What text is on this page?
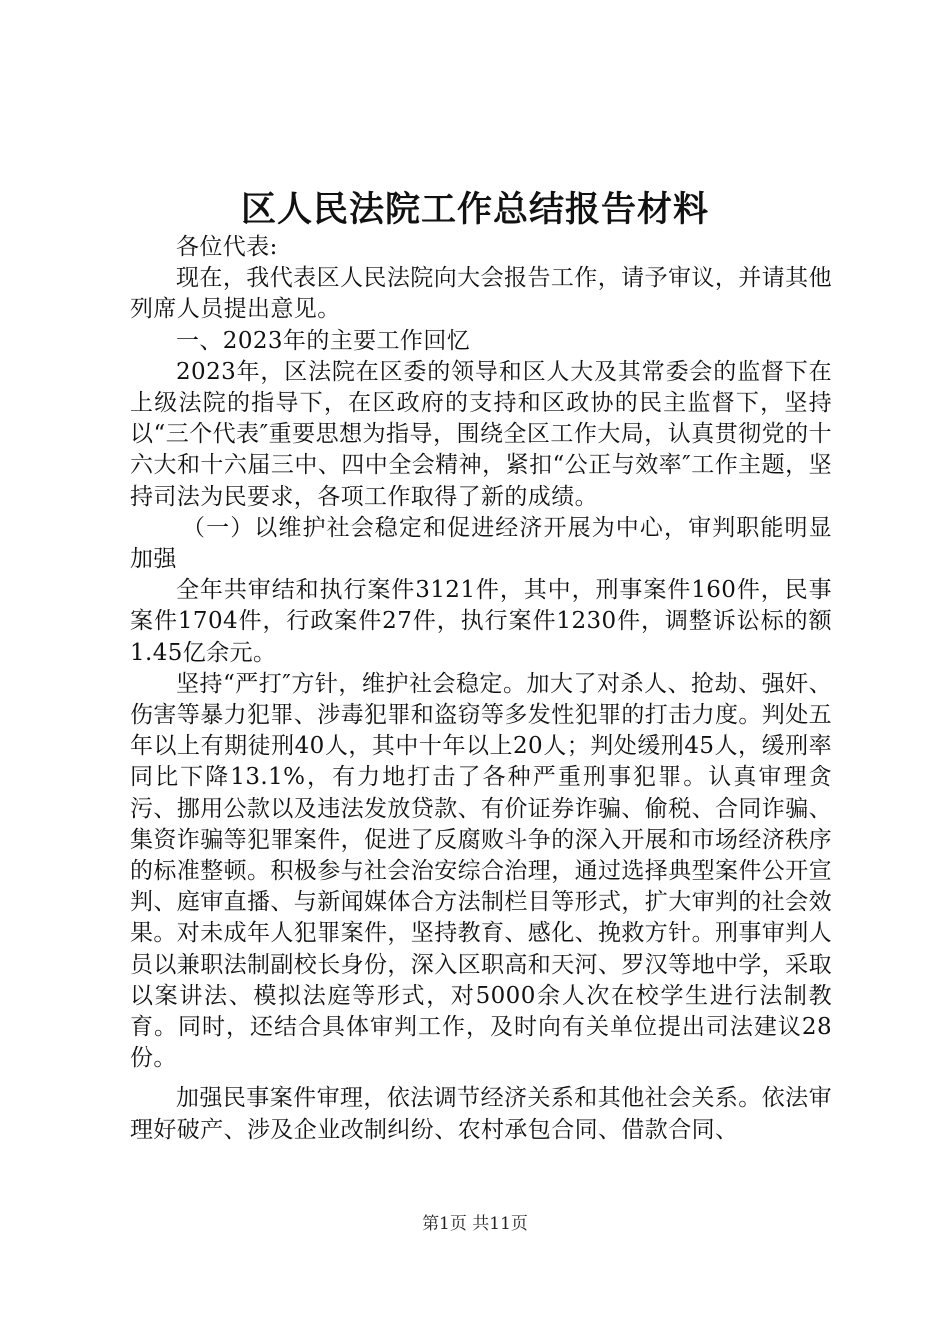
区人民法院工作总结报告材料

各位代表:

现在，我代表区人民法院向大会报告工作，请予审议，并请其他列席人员提出意见。

一、2023年的主要工作回忆

2023年，区法院在区委的领导和区人大及其常委会的监督下在上级法院的指导下，在区政府的支持和区政协的民主监督下，坚持以“三个代表″重要思想为指导，围绕全区工作大局，认真贯彻党的十六大和十六届三中、四中全会精神，紧扣“公正与效率″工作主题，坚持司法为民要求，各项工作取得了新的成绩。

（一）以维护社会稳定和促进经济开展为中心，审判职能明显加强

全年共审结和执行案件3121件，其中，刑事案件160件，民事案件1704件，行政案件27件，执行案件1230件，调整诉讼标的额1.45亿余元。

坚持“严打″方针，维护社会稳定。加大了对杀人、抢劫、强奸、伤害等暴力犯罪、涉毒犯罪和盗窃等多发性犯罪的打击力度。判处五年以上有期徒刑40人，其中十年以上20人；判处缓刑45人，缓刑率同比下降13.1%，有力地打击了各种严重刑事犯罪。认真审理贪污、挪用公款以及违法发放贷款、有价证券诈骗、偷税、合同诈骗、集资诈骗等犯罪案件，促进了反腐败斗争的深入开展和市场经济秩序的标准整顿。积极参与社会治安综合治理，通过选择典型案件公开宣判、庭审直播、与新闻媒体合方法制栏目等形式，扩大审判的社会效果。对未成年人犯罪案件，坚持教育、感化、挽救方针。刑事审判人员以兼职法制副校长身份，深入区职高和天河、罗汉等地中学，采取以案讲法、模拟法庭等形式，对5000余人次在校学生进行法制教育。同时，还结合具体审判工作，及时向有关单位提出司法建议28份。

加强民事案件审理，依法调节经济关系和其他社会关系。依法审理好破产、涉及企业改制纠纷、农村承包合同、借款合同、

第1页 共11页
